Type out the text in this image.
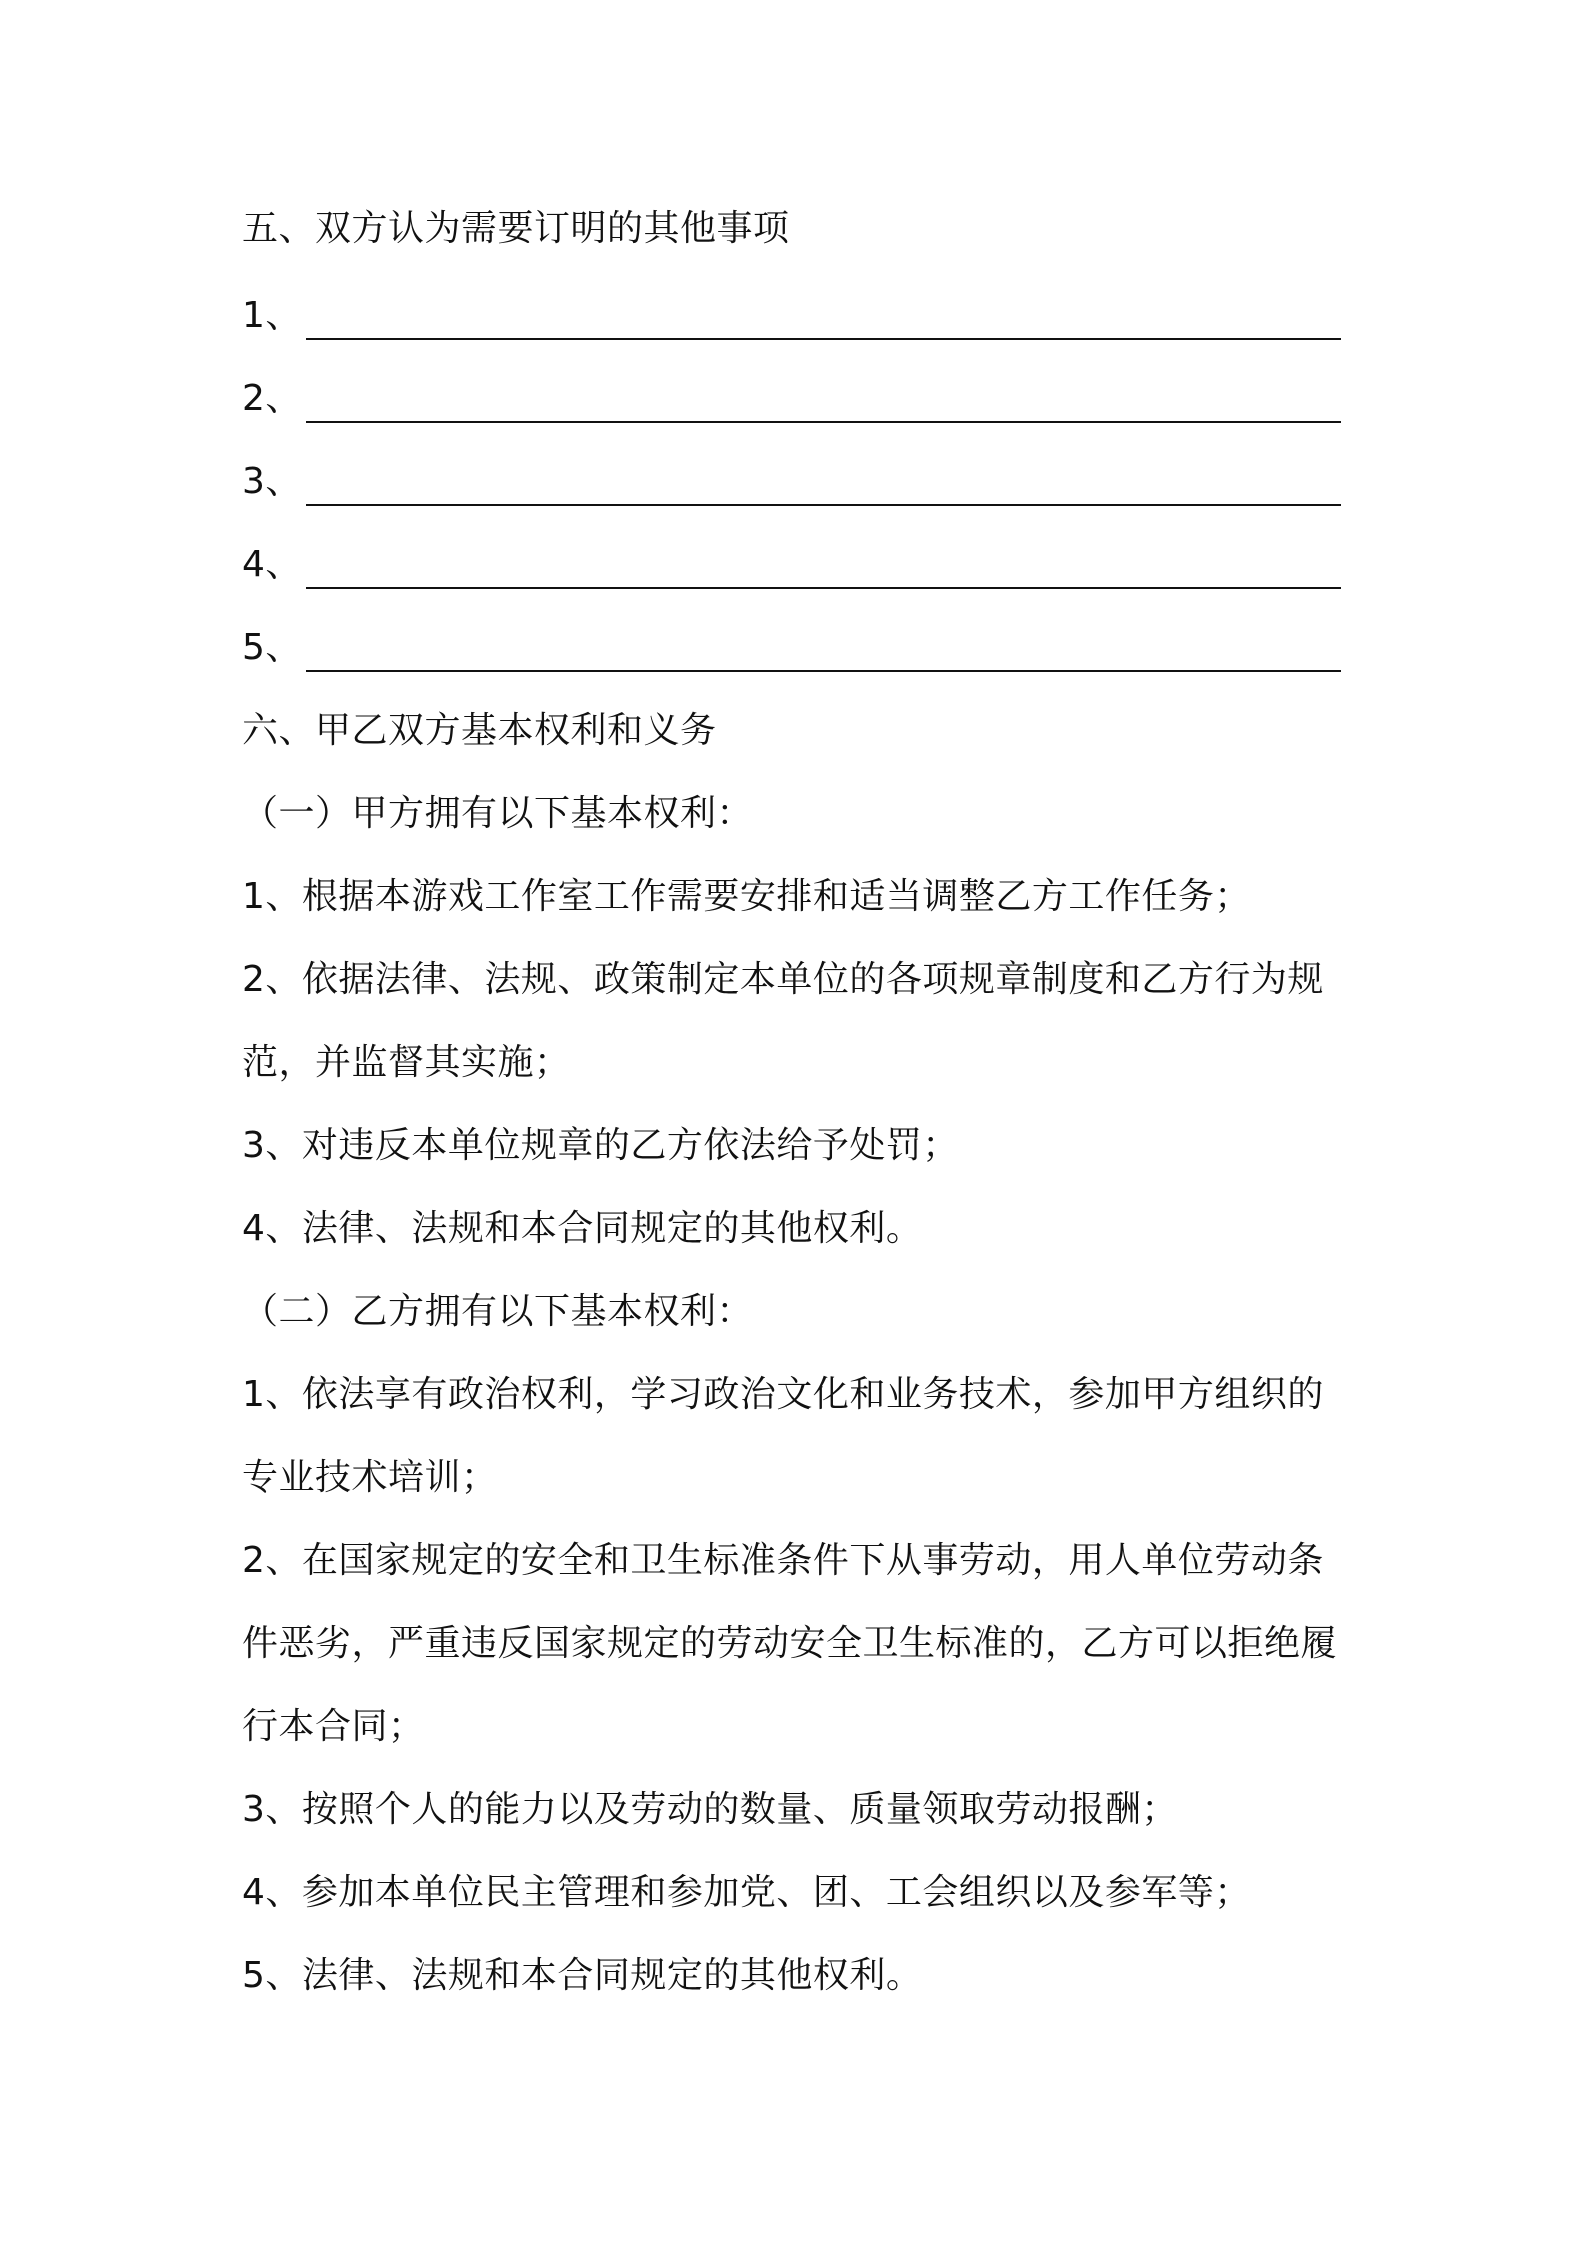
五、双方认为需要订明的其他事项
1、
2、
3、
4、
5、
六、甲乙双方基本权利和义务
（一）甲方拥有以下基本权利：
1、根据本游戏工作室工作需要安排和适当调整乙方工作任务；
2、依据法律、法规、政策制定本单位的各项规章制度和乙方行为规
范，并监督其实施；
3、对违反本单位规章的乙方依法给予处罚；
4、法律、法规和本合同规定的其他权利。
（二）乙方拥有以下基本权利：
1、依法享有政治权利，学习政治文化和业务技术，参加甲方组织的
专业技术培训；
2、在国家规定的安全和卫生标准条件下从事劳动，用人单位劳动条
件恶劣，严重违反国家规定的劳动安全卫生标准的，乙方可以拒绝履
行本合同；
3、按照个人的能力以及劳动的数量、质量领取劳动报酬；
4、参加本单位民主管理和参加党、团、工会组织以及参军等；
5、法律、法规和本合同规定的其他权利。
